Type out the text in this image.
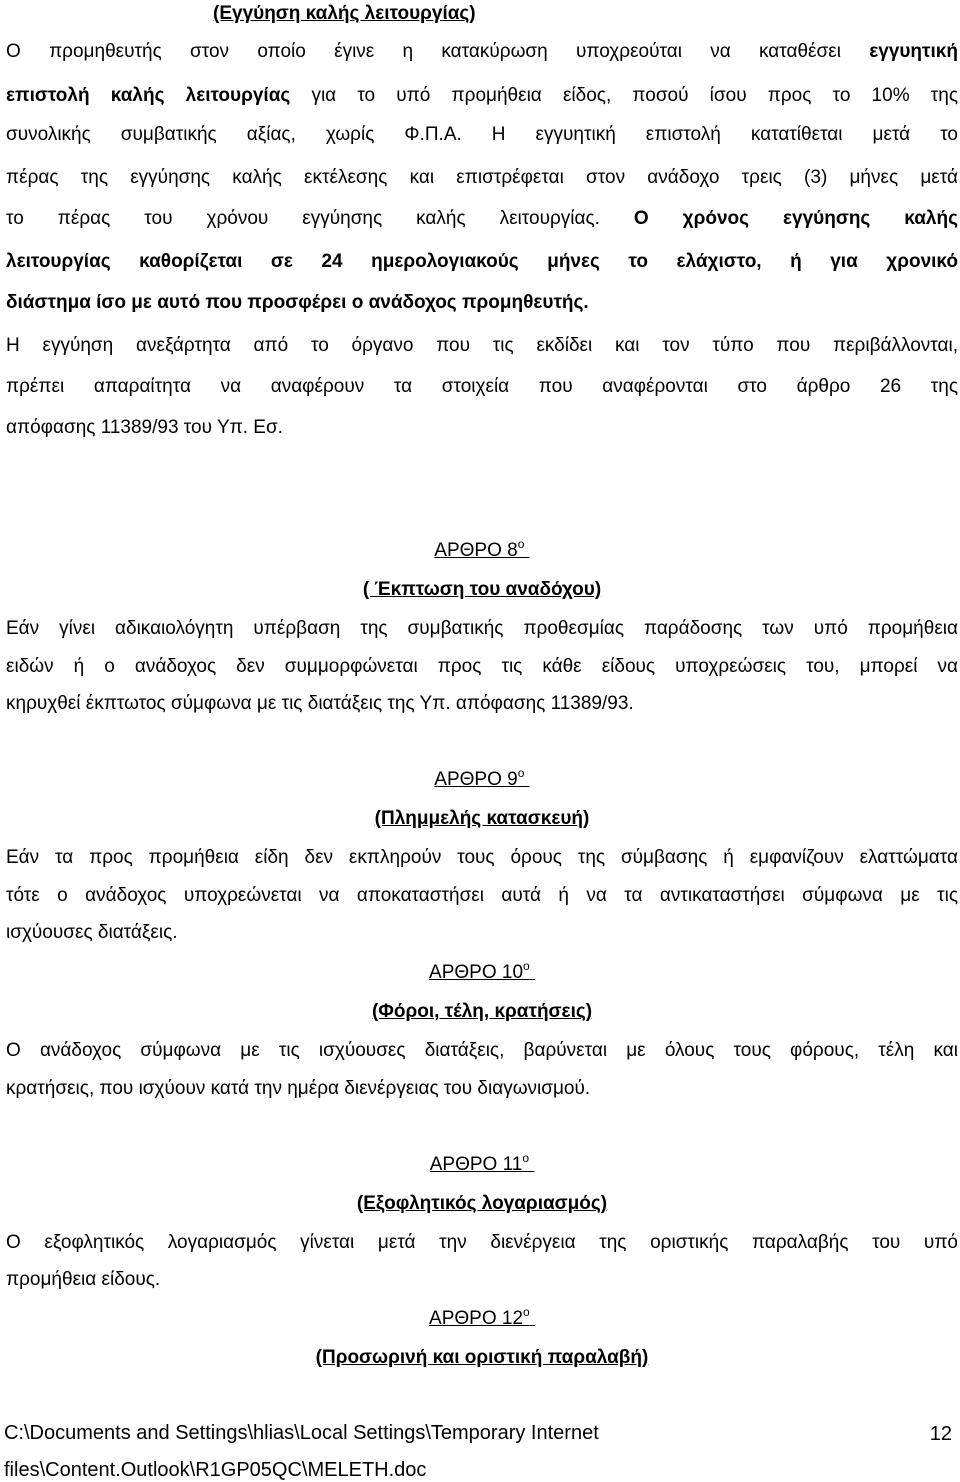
(Εγγύηση καλής λειτουργίας)

Ο προμηθευτής στον οποίο έγινε η κατακύρωση υποχρεούται να καταθέσει εγγυητική

επιστολή καλής λειτουργίας για το υπό προμήθεια είδος, ποσού ίσου προς το 10% της

συνολικής συμβατικής αξίας, χωρίς Φ.Π.Α. Η εγγυητική επιστολή κατατίθεται μετά το

πέρας της εγγύησης καλής εκτέλεσης και επιστρέφεται στον ανάδοχο τρεις (3) μήνες μετά

το πέρας του χρόνου εγγύησης καλής λειτουργίας. Ο χρόνος εγγύησης καλής

λειτουργίας καθορίζεται σε 24 ημερολογιακούς μήνες το ελάχιστο, ή για χρονικό

διάστημα ίσο με αυτό που προσφέρει ο ανάδοχος προμηθευτής.

Η εγγύηση ανεξάρτητα από το όργανο που τις εκδίδει και τον τύπο που περιβάλλονται,

πρέπει απαραίτητα να αναφέρουν τα στοιχεία που αναφέρονται στο άρθρο 26 της

απόφασης 11389/93 του Υπ. Εσ.

ΑΡΘΡΟ $8^o$
( Έκπτωση του αναδόχου)

Εάν γίνει αδικαιολόγητη υπέρβαση της συμβατικής προθεσμίας παράδοσης των υπό προμήθεια

ειδών ή ο ανάδοχος δεν συμμορφώνεται προς τις κάθε είδους υποχρεώσεις του, μπορεί να

κηρυχθεί έκπτωτος σύμφωνα με τις διατάξεις της Υπ. απόφασης 11389/93.

ΑΡΘΡΟ $9^o$
(Πλημμελής κατασκευή)

Εάν τα προς προμήθεια είδη δεν εκπληρούν τους όρους της σύμβασης ή εμφανίζουν ελαττώματα

τότε ο ανάδοχος υποχρεώνεται να αποκαταστήσει αυτά ή να τα αντικαταστήσει σύμφωνα με τις

ισχύουσες διατάξεις.

ΑΡΘΡΟ $10^o$
(Φόροι, τέλη, κρατήσεις)

Ο ανάδοχος σύμφωνα με τις ισχύουσες διατάξεις, βαρύνεται με όλους τους φόρους, τέλη και

κρατήσεις, που ισχύουν κατά την ημέρα διενέργειας του διαγωνισμού.

ΑΡΘΡΟ $11^o$
(Εξοφλητικός λογαριασμός)

Ο εξοφλητικός λογαριασμός γίνεται μετά την διενέργεια της οριστικής παραλαβής του υπό

προμήθεια είδους.

ΑΡΘΡΟ $12^o$
(Προσωρινή και οριστική παραλαβή)
C:\Documents and Settings\hlias\Local Settings\Temporary Internet
files\Content.Outlook\R1GP05QC\MELETH.doc
12
